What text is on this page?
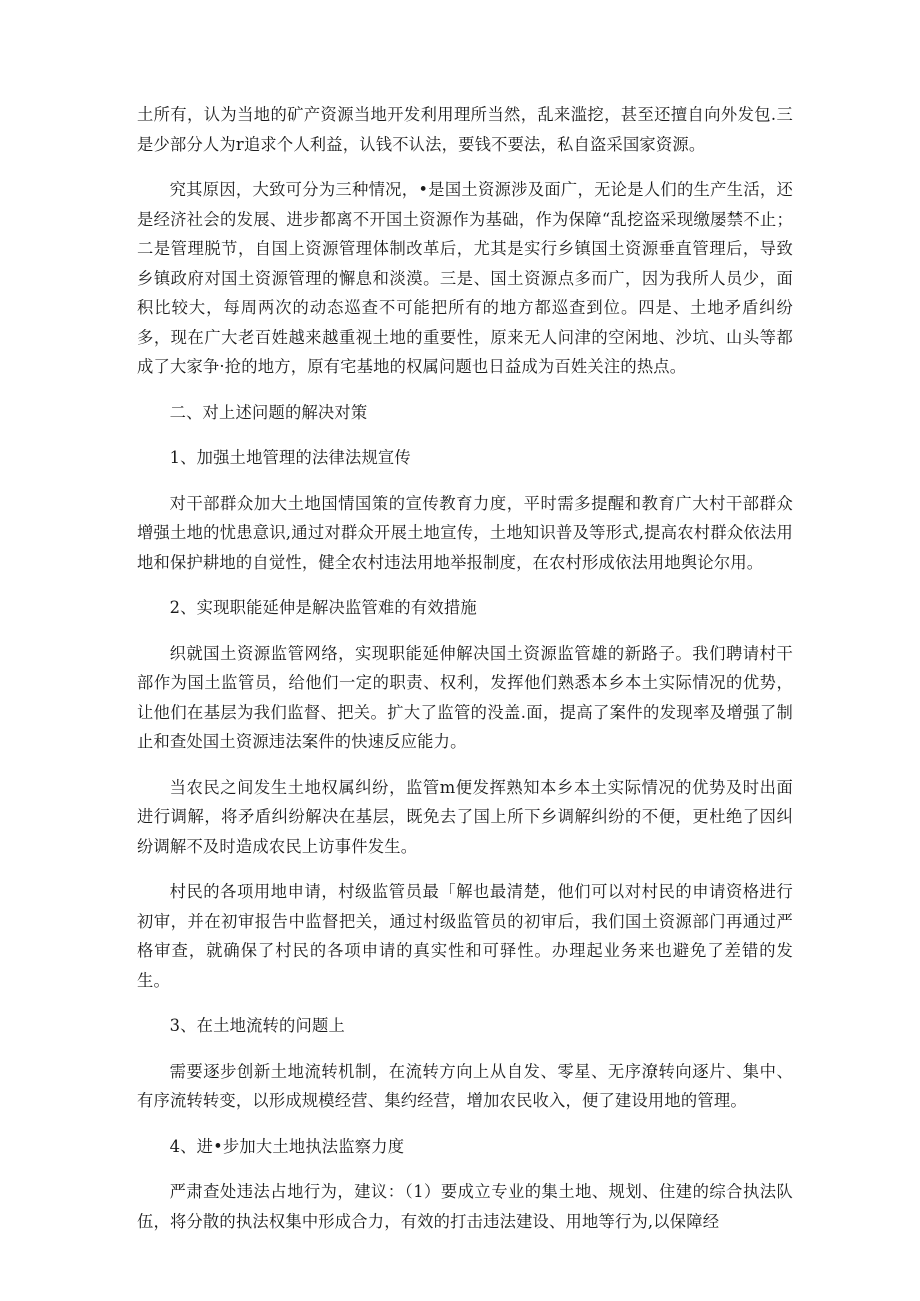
土所有，认为当地的矿产资源当地开发利用理所当然，乱来滥挖，甚至还擅自向外发包.三是少部分人为r追求个人利益，认钱不认法，要钱不要法，私自盗采国家资源。

究其原因，大致可分为三种情况，•是国土资源涉及面广，无论是人们的生产生活，还是经济社会的发展、进步都离不开国土资源作为基础，作为保障“乱挖盗采现缴屡禁不止；二是管理脱节，自国上资源管理体制改革后，尤其是实行乡镇国土资源垂直管理后，导致乡镇政府对国土资源管理的懈息和淡漠。三是、国土资源点多而广，因为我所人员少，面积比较大，每周两次的动态巡查不可能把所有的地方都巡查到位。四是、土地矛盾纠纷多，现在广大老百姓越来越重视土地的重要性，原来无人问津的空闲地、沙坑、山头等都成了大家争·抢的地方，原有宅基地的权属问题也日益成为百姓关注的热点。

二、对上述问题的解决对策

1、加强土地管理的法律法规宣传

对干部群众加大土地国情国策的宣传教育力度，平时需多提醒和教育广大村干部群众增强土地的忧患意识,通过对群众开展土地宣传，土地知识普及等形式,提高农村群众依法用地和保护耕地的自觉性，健全农村违法用地举报制度，在农村形成依法用地舆论尔用。

2、实现职能延伸是解决监管难的有效措施

织就国土资源监管网络，实现职能延伸解决国土资源监管雄的新路子。我们聘请村干部作为国土监管员，给他们一定的职责、权利，发挥他们熟悉本乡本土实际情况的优势，让他们在基层为我们监督、把关。扩大了监管的没盖.面，提高了案件的发现率及增强了制止和查处国土资源违法案件的快速反应能力。

当农民之间发生土地权属纠纷，监管m便发挥熟知本乡本土实际情况的优势及时出面进行调解，将矛盾纠纷解决在基层，既免去了国上所下乡调解纠纷的不便，更杜绝了因纠纷调解不及时造成农民上访事件发生。

村民的各项用地申请，村级监管员最「解也最清楚，他们可以对村民的申请资格进行初审，并在初审报告中监督把关，通过村级监管员的初审后，我们国土资源部门再通过严格审查，就确保了村民的各项申请的真实性和可驿性。办理起业务来也避免了差错的发生。

3、在土地流转的问题上

需要逐步创新土地流转机制，在流转方向上从自发、零星、无序潦转向逐片、集中、有序流转转变，以形成规模经营、集约经营，增加农民收入，便了建设用地的管理。

4、进•步加大土地执法监察力度

严肃查处违法占地行为，建议：（1）要成立专业的集土地、规划、住建的综合执法队伍，将分散的执法权集中形成合力，有效的打击违法建设、用地等行为,以保障经
